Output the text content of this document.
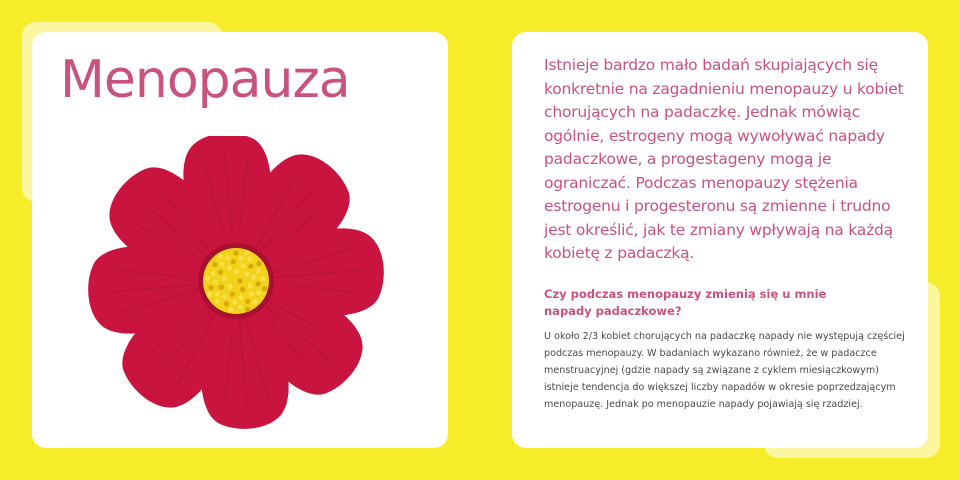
Menopauza	Istnieje bardzo mało badań skupiających się konkretnie na zagadnieniu menopauzy u kobiet chorujących na padaczkę. Jednak mówiąc ogólnie, estrogeny mogą wywoływać napady padaczkowe, a progestageny mogą je ograniczać. Podczas menopauzy stężenia estrogenu i progesteronu są zmienne i trudno jest określić, jak te zmiany wpływają na każdą kobietę z padaczką.

Czy podczas menopauzy zmienią się u mnie napady padaczkowe?

U około 2/3 kobiet chorujących na padaczkę napady nie występują częściej podczas menopauzy. W badaniach wykazano również, że w padaczce menstruacyjnej (gdzie napady są związane z cyklem miesiączkowym) istnieje tendencja do większej liczby napadów w okresie poprzedzającym menopauzę. Jednak po menopauzie napady pojawiają się rzadziej.
